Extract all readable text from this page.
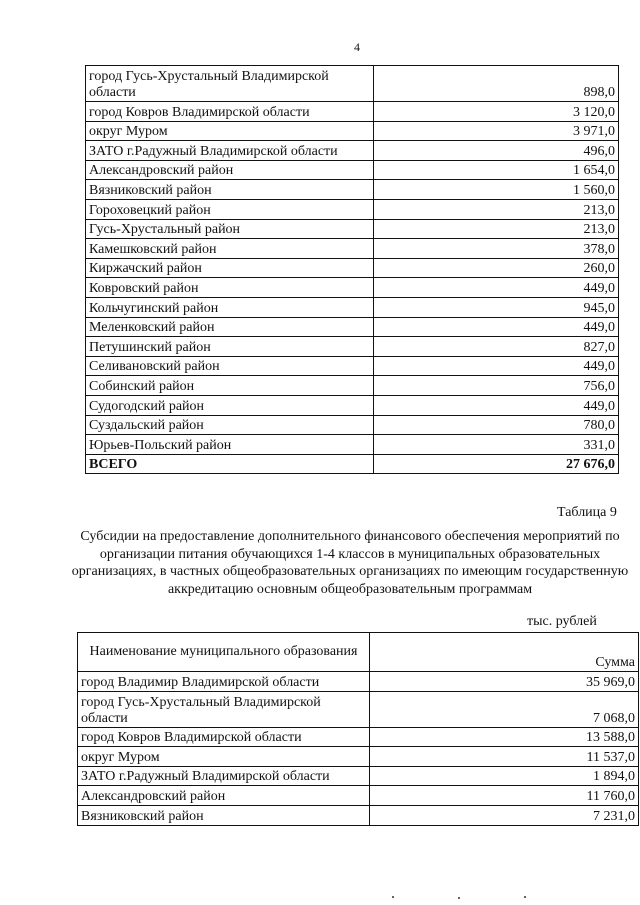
4
город Гусь-Хрустальный Владимирской области	898,0
город Ковров Владимирской области	3 120,0
округ Муром	3 971,0
ЗАТО г.Радужный Владимирской области	496,0
Александровский район	1 654,0
Вязниковский район	1 560,0
Гороховецкий район	213,0
Гусь-Хрустальный район	213,0
Камешковский район	378,0
Киржачский район	260,0
Ковровский район	449,0
Кольчугинский район	945,0
Меленковский район	449,0
Петушинский район	827,0
Селивановский район	449,0
Собинский район	756,0
Судогодский район	449,0
Суздальский район	780,0
Юрьев-Польский район	331,0
ВСЕГО	27 676,0
Таблица 9
Субсидии на предоставление дополнительного финансового обеспечения мероприятий по организации питания обучающихся 1-4 классов в муниципальных образовательных организациях, в частных общеобразовательных организациях по имеющим государственную аккредитацию основным общеобразовательным программам
тыс. рублей
Наименование муниципального образования	Сумма
город Владимир Владимирской области	35 969,0
город Гусь-Хрустальный Владимирской области	7 068,0
город Ковров Владимирской области	13 588,0
округ Муром	11 537,0
ЗАТО г.Радужный Владимирской области	1 894,0
Александровский район	11 760,0
Вязниковский район	7 231,0
